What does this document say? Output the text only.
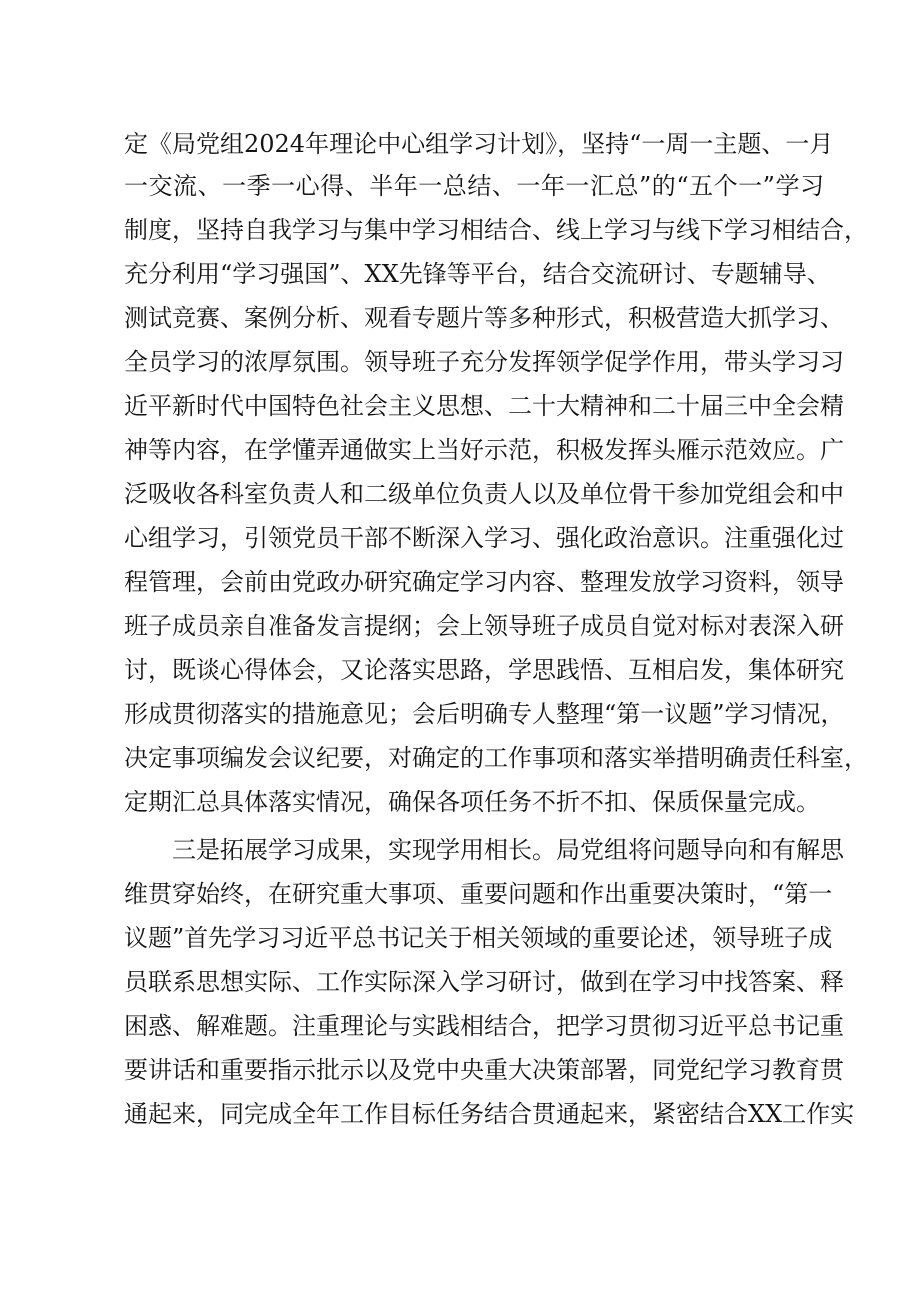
定《局党组2024年理论中心组学习计划》，坚持“一周一主题、一月
一交流、一季一心得、半年一总结、一年一汇总”的“五个一”学习
制度，坚持自我学习与集中学习相结合、线上学习与线下学习相结合，
充分利用“学习强国”、XX先锋等平台，结合交流研讨、专题辅导、
测试竞赛、案例分析、观看专题片等多种形式，积极营造大抓学习、
全员学习的浓厚氛围。领导班子充分发挥领学促学作用，带头学习习
近平新时代中国特色社会主义思想、二十大精神和二十届三中全会精
神等内容，在学懂弄通做实上当好示范，积极发挥头雁示范效应。广
泛吸收各科室负责人和二级单位负责人以及单位骨干参加党组会和中
心组学习，引领党员干部不断深入学习、强化政治意识。注重强化过
程管理，会前由党政办研究确定学习内容、整理发放学习资料，领导
班子成员亲自准备发言提纲；会上领导班子成员自觉对标对表深入研
讨，既谈心得体会，又论落实思路，学思践悟、互相启发，集体研究
形成贯彻落实的措施意见；会后明确专人整理“第一议题”学习情况，
决定事项编发会议纪要，对确定的工作事项和落实举措明确责任科室，
定期汇总具体落实情况，确保各项任务不折不扣、保质保量完成。
三是拓展学习成果，实现学用相长。局党组将问题导向和有解思
维贯穿始终，在研究重大事项、重要问题和作出重要决策时，“第一
议题”首先学习习近平总书记关于相关领域的重要论述，领导班子成
员联系思想实际、工作实际深入学习研讨，做到在学习中找答案、释
困惑、解难题。注重理论与实践相结合，把学习贯彻习近平总书记重
要讲话和重要指示批示以及党中央重大决策部署，同党纪学习教育贯
通起来，同完成全年工作目标任务结合贯通起来，紧密结合XX工作实
